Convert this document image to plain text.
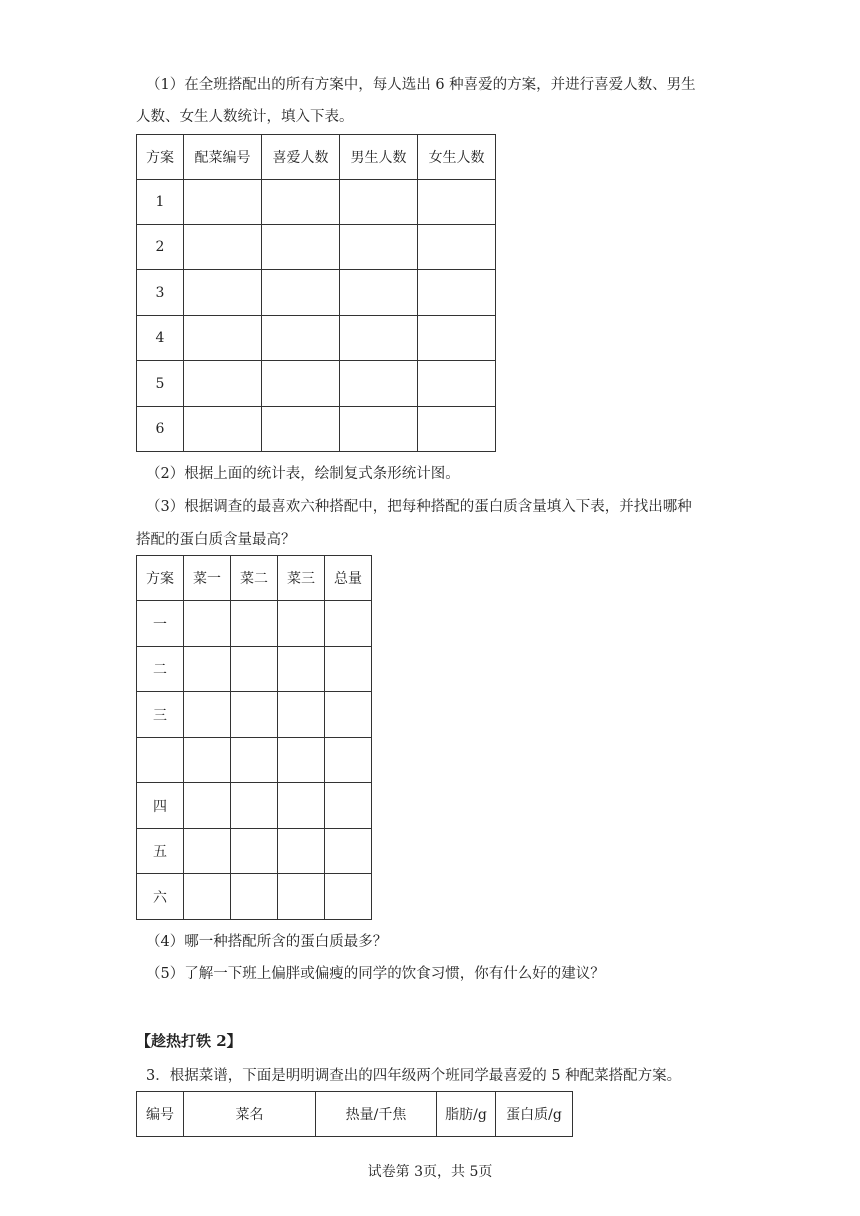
（1）在全班搭配出的所有方案中，每人选出 6 种喜爱的方案，并进行喜爱人数、男生
人数、女生人数统计，填入下表。
方案	配菜编号	喜爱人数	男生人数	女生人数
1				
2				
3				
4				
5				
6				
（2）根据上面的统计表，绘制复式条形统计图。
（3）根据调查的最喜欢六种搭配中，把每种搭配的蛋白质含量填入下表，并找出哪种
搭配的蛋白质含量最高？
方案	菜一	菜二	菜三	总量
一				
二				
三				

四				
五				
六				
（4）哪一种搭配所含的蛋白质最多？
（5）了解一下班上偏胖或偏瘦的同学的饮食习惯，你有什么好的建议？
【趁热打铁 2】
3．根据菜谱，下面是明明调查出的四年级两个班同学最喜爱的 5 种配菜搭配方案。
编号	菜名	热量/千焦	脂肪/g	蛋白质/g
试卷第 3页，共 5页
